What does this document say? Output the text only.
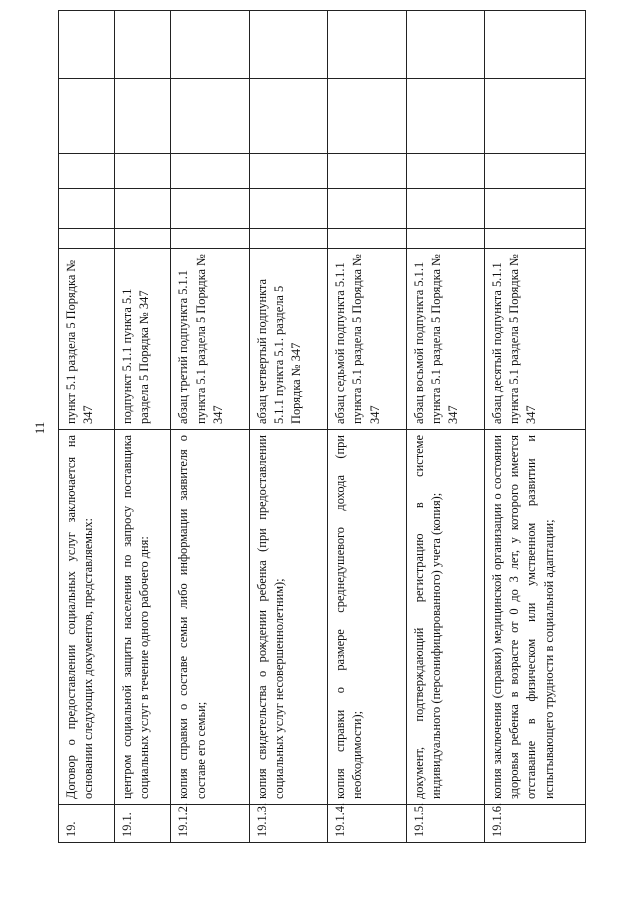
11
19.	Договор о предоставлении социальных услуг заключается на основании следующих документов, представляемых:	пункт 5.1 раздела 5 Порядка № 347					
19.1.	центром социальной защиты населения по запросу поставщика социальных услуг в течение одного рабочего дня:	подпункт 5.1.1 пункта 5.1 раздела 5 Порядка № 347					
19.1.2.	копия справки о составе семьи либо информации заявителя о составе его семьи;	абзац третий подпункта 5.1.1 пункта 5.1 раздела 5 Порядка № 347					
19.1.3.	копия свидетельства о рождении ребенка (при предоставлении социальных услуг несовершеннолетним);	абзац четвертый подпункта 5.1.1 пункта 5.1. раздела 5 Порядка № 347					
19.1.4.	копия справки о размере среднедушевого дохода (при необходимости);	абзац седьмой подпункта 5.1.1 пункта 5.1 раздела 5 Порядка № 347					
19.1.5.	документ, подтверждающий регистрацию в системе индивидуального (персонифицированного) учета (копия);	абзац восьмой подпункта 5.1.1 пункта 5.1 раздела 5 Порядка № 347					
19.1.6.	копия заключения (справки) медицинской организации о состоянии здоровья ребенка в возрасте от 0 до 3 лет, у которого имеется отставание в физическом или умственном развитии и испытывающего трудности в социальной адаптации;	абзац десятый подпункта 5.1.1 пункта 5.1 раздела 5 Порядка № 347					
